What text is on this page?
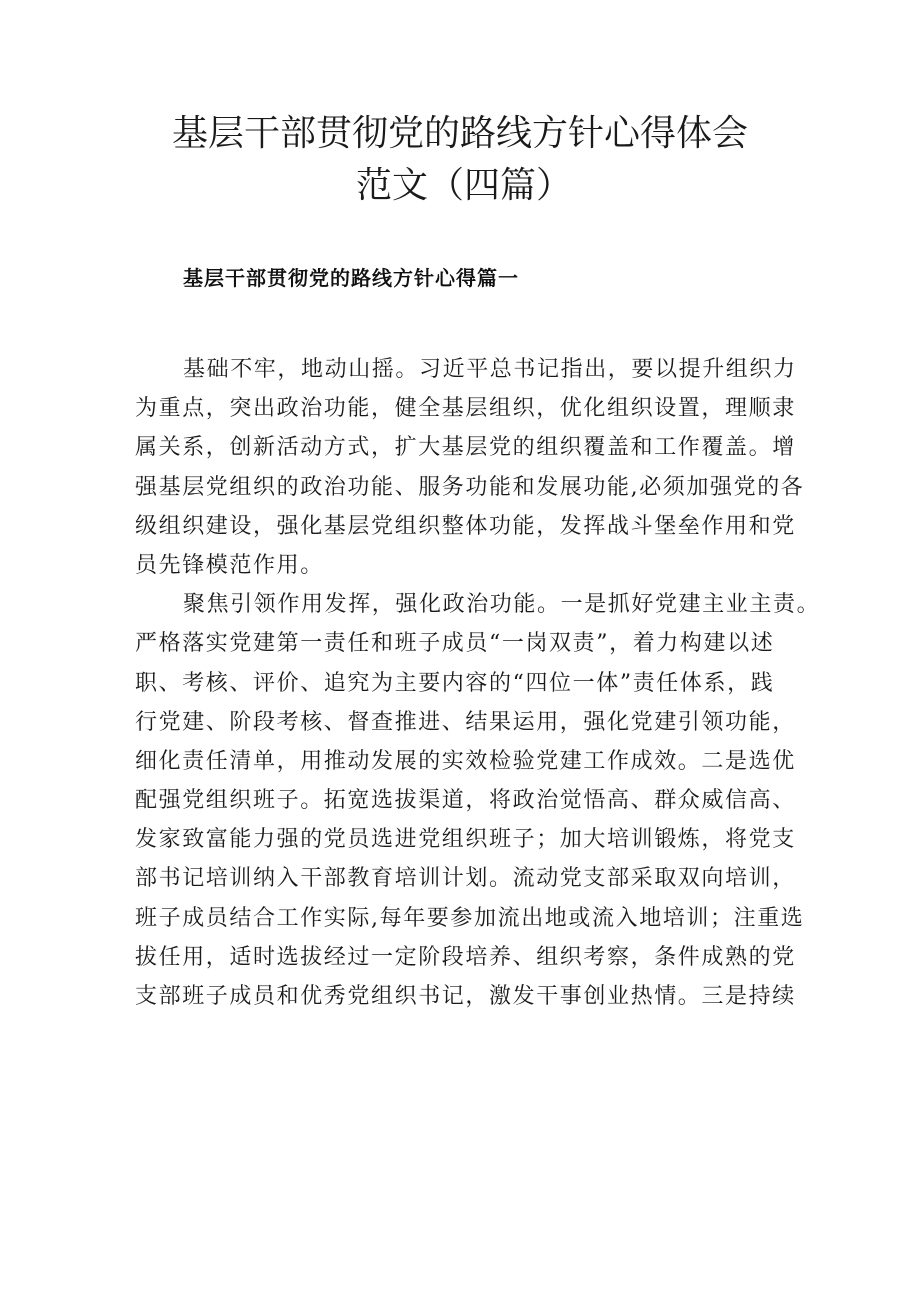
基层干部贯彻党的路线方针心得体会
范文（四篇）
基层干部贯彻党的路线方针心得篇一
基础不牢，地动山摇。习近平总书记指出，要以提升组织力
为重点，突出政治功能，健全基层组织，优化组织设置，理顺隶
属关系，创新活动方式，扩大基层党的组织覆盖和工作覆盖。增
强基层党组织的政治功能、服务功能和发展功能,必须加强党的各
级组织建设，强化基层党组织整体功能，发挥战斗堡垒作用和党
员先锋模范作用。
聚焦引领作用发挥，强化政治功能。一是抓好党建主业主责。
严格落实党建第一责任和班子成员“一岗双责”，着力构建以述
职、考核、评价、追究为主要内容的“四位一体”责任体系，践
行党建、阶段考核、督查推进、结果运用，强化党建引领功能，
细化责任清单，用推动发展的实效检验党建工作成效。二是选优
配强党组织班子。拓宽选拔渠道，将政治觉悟高、群众威信高、
发家致富能力强的党员选进党组织班子；加大培训锻炼，将党支
部书记培训纳入干部教育培训计划。流动党支部采取双向培训，
班子成员结合工作实际,每年要参加流出地或流入地培训；注重选
拔任用，适时选拔经过一定阶段培养、组织考察，条件成熟的党
支部班子成员和优秀党组织书记，激发干事创业热情。三是持续
